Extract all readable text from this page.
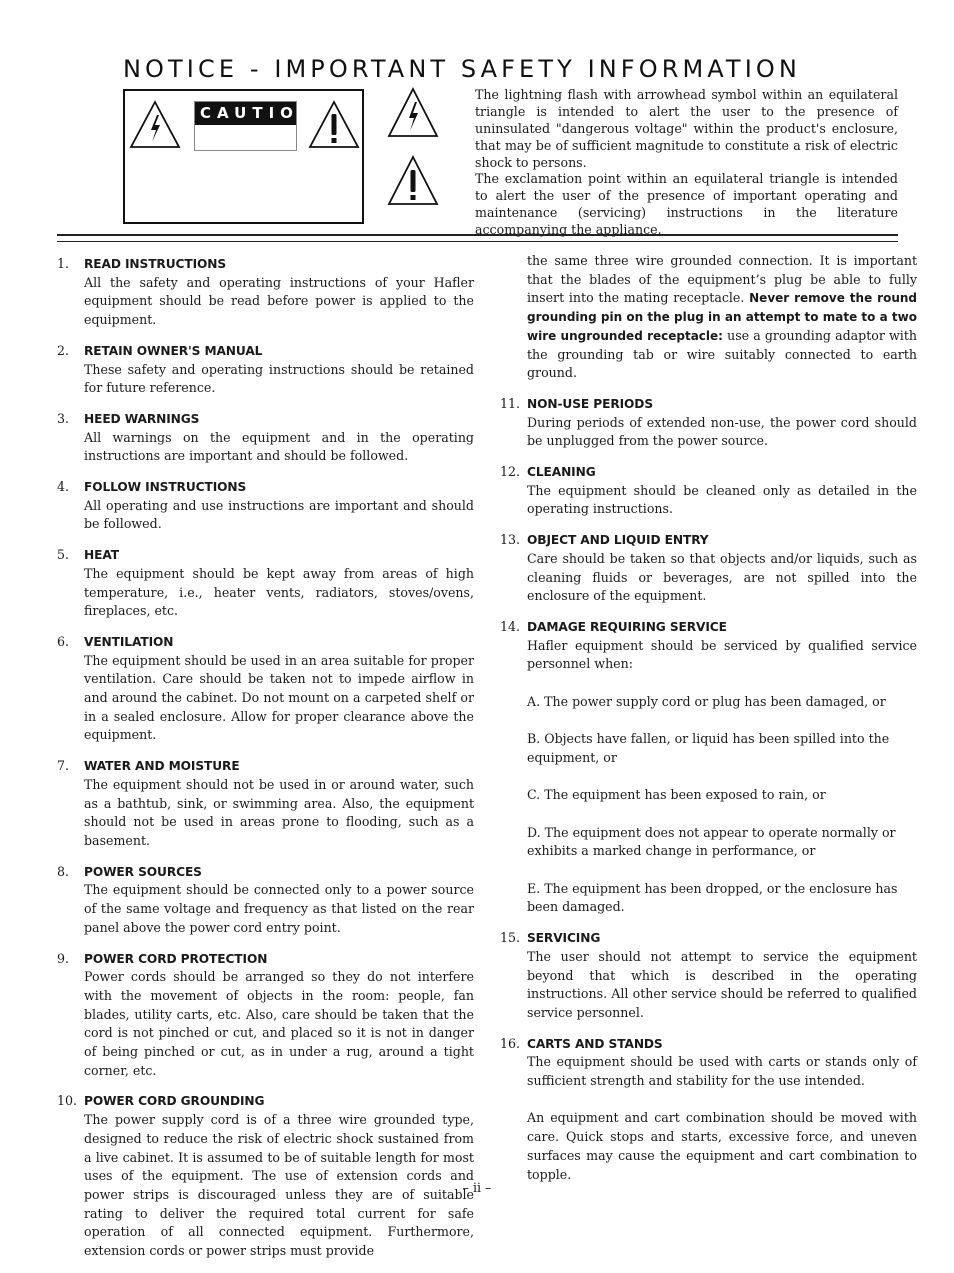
NOTICE - IMPORTANT SAFETY INFORMATION
CAUTION

The lightning flash with arrowhead symbol within an equilateral triangle is intended to alert the user to the presence of uninsulated "dangerous voltage" within the product's enclosure, that may be of sufficient magnitude to constitute a risk of electric shock to persons.

The exclamation point within an equilateral triangle is intended to alert the user of the presence of important operating and maintenance (servicing) instructions in the literature accompanying the appliance.

1. READ INSTRUCTIONS
All the safety and operating instructions of your Hafler equipment should be read before power is applied to the equipment.
2. RETAIN OWNER'S MANUAL
These safety and operating instructions should be retained for future reference.
3. HEED WARNINGS
All warnings on the equipment and in the operating instructions are important and should be followed.
4. FOLLOW INSTRUCTIONS
All operating and use instructions are important and should be followed.
5. HEAT
The equipment should be kept away from areas of high temperature, i.e., heater vents, radiators, stoves/ovens, fireplaces, etc.
6. VENTILATION
The equipment should be used in an area suitable for proper ventilation. Care should be taken not to impede airflow in and around the cabinet. Do not mount on a carpeted shelf or in a sealed enclosure. Allow for proper clearance above the equipment.
7. WATER AND MOISTURE
The equipment should not be used in or around water, such as a bathtub, sink, or swimming area. Also, the equipment should not be used in areas prone to flooding, such as a basement.
8. POWER SOURCES
The equipment should be connected only to a power source of the same voltage and frequency as that listed on the rear panel above the power cord entry point.
9. POWER CORD PROTECTION
Power cords should be arranged so they do not interfere with the movement of objects in the room: people, fan blades, utility carts, etc. Also, care should be taken that the cord is not pinched or cut, and placed so it is not in danger of being pinched or cut, as in under a rug, around a tight corner, etc.
10. POWER CORD GROUNDING
The power supply cord is of a three wire grounded type, designed to reduce the risk of electric shock sustained from a live cabinet. It is assumed to be of suitable length for most uses of the equipment. The use of extension cords and power strips is discouraged unless they are of suitable rating to deliver the required total current for safe operation of all connected equipment. Furthermore, extension cords or power strips must provide
the same three wire grounded connection. It is important that the blades of the equipment’s plug be able to fully insert into the mating receptacle. Never remove the round grounding pin on the plug in an attempt to mate to a two wire ungrounded receptacle: use a grounding adaptor with the grounding tab or wire suitably connected to earth ground.
11. NON-USE PERIODS
During periods of extended non-use, the power cord should be unplugged from the power source.
12. CLEANING
The equipment should be cleaned only as detailed in the operating instructions.
13. OBJECT AND LIQUID ENTRY
Care should be taken so that objects and/or liquids, such as cleaning fluids or beverages, are not spilled into the enclosure of the equipment.
14. DAMAGE REQUIRING SERVICE
Hafler equipment should be serviced by qualified service personnel when:
A. The power supply cord or plug has been damaged, or
B. Objects have fallen, or liquid has been spilled into the equipment, or
C. The equipment has been exposed to rain, or
D. The equipment does not appear to operate normally or exhibits a marked change in performance, or
E. The equipment has been dropped, or the enclosure has been damaged.
15. SERVICING
The user should not attempt to service the equipment beyond that which is described in the operating instructions. All other service should be referred to qualified service personnel.
16. CARTS AND STANDS
The equipment should be used with carts or stands only of sufficient strength and stability for the use intended.
An equipment and cart combination should be moved with care. Quick stops and starts, excessive force, and uneven surfaces may cause the equipment and cart combination to topple.
– ii –
